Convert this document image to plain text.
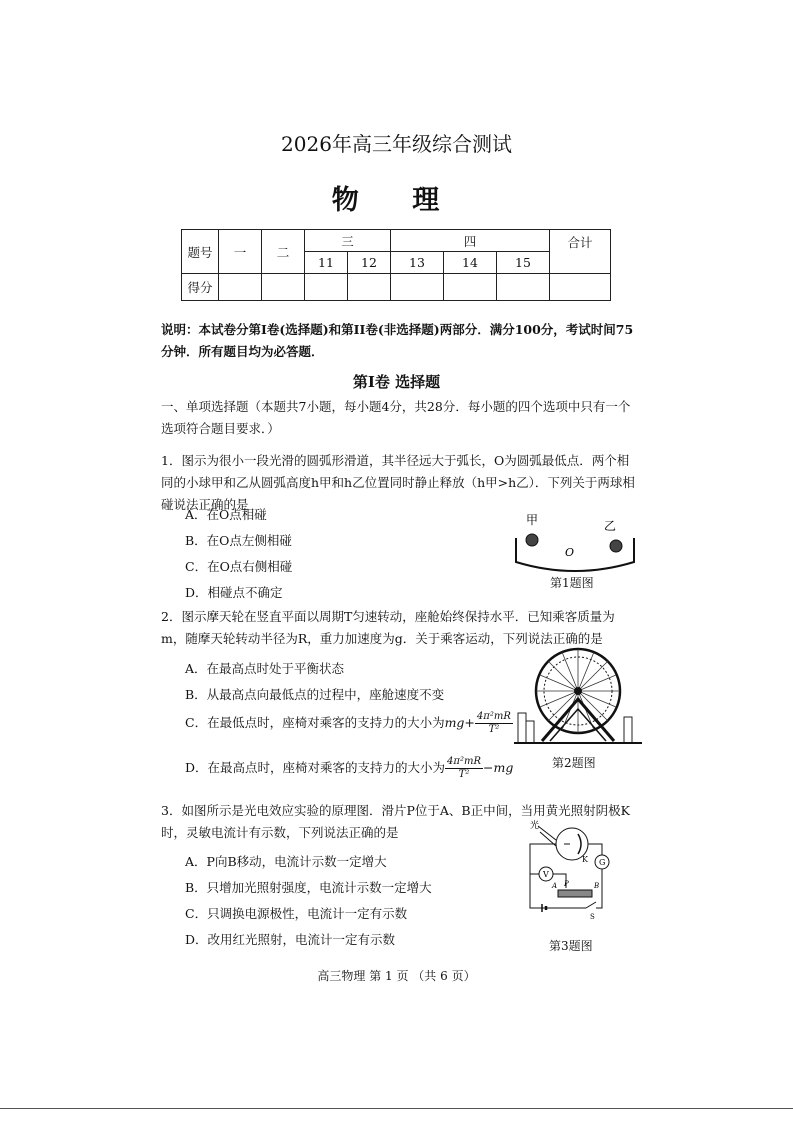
2026年高三年级综合测试
物 理
题号	一	二	三		四			合计
			11	12	13	14	15	
得分								
说明：本试卷分第I卷(选择题)和第II卷(非选择题)两部分．满分100分，考试时间75分钟．所有题目均为必答题．
第I卷 选择题
一、单项选择题（本题共7小题，每小题4分，共28分．每小题的四个选项中只有一个选项符合题目要求．）
1．图示为很小一段光滑的圆弧形滑道，其半径远大于弧长，O为圆弧最低点．两个相同的小球甲和乙从圆弧高度h甲和h乙位置同时静止释放（h甲>h乙）．下列关于两球相碰说法正确的是
A．在O点相碰
B．在O点左侧相碰
C．在O点右侧相碰
D．相碰点不确定
甲	乙
O
第1题图
2．图示摩天轮在竖直平面以周期T匀速转动，座舱始终保持水平．已知乘客质量为m，随摩天轮转动半径为R，重力加速度为g．关于乘客运动，下列说法正确的是
A．在最高点时处于平衡状态
B．从最高点向最低点的过程中，座舱速度不变
C．在最低点时，座椅对乘客的支持力的大小为$mg+ \frac{\text{4π²mR}}{\text{T²}}$
D．在最高点时，座椅对乘客的支持力的大小为 $\frac{\text{4π²mR}}{\text{T²}} -mg$	第2题图
3．如图所示是光电效应实验的原理图．滑片P位于A、B正中间，当用黄光照射阴极K时，灵敏电流计有示数，下列说法正确的是
A．P向B移动，电流计示数一定增大
B．只增加光照射强度，电流计示数一定增大
C．只调换电源极性，电流计一定有示数
D．改用红光照射，电流计一定有示数
光
K G
V
A P	B
S
第3题图
高三物理 第 1 页 （共 6 页）
